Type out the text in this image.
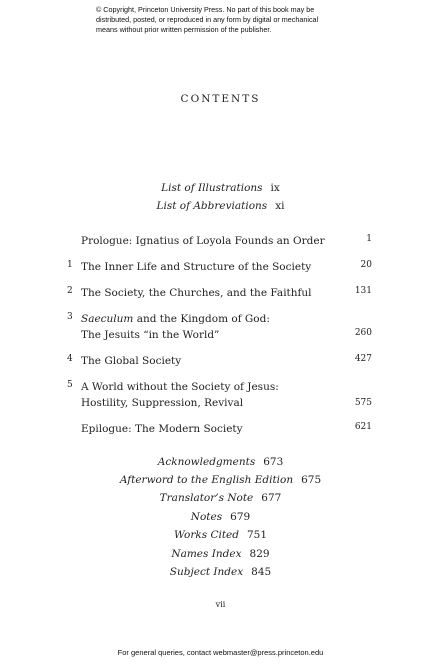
© Copyright, Princeton University Press. No part of this book may be
distributed, posted, or reproduced in any form by digital or mechanical
means without prior written permission of the publisher.
CONTENTS
List of Illustrations ix
List of Abbreviations xi
Prologue: Ignatius of Loyola Founds an Order	1
1 The Inner Life and Structure of the Society	20
2 The Society, the Churches, and the Faithful	131
3 Saeculum and the Kingdom of God:
The Jesuits “in the World”	260
4 The Global Society	427
5 A World without the Society of Jesus:
Hostility, Suppression, Revival	575
Epilogue: The Modern Society	621
Acknowledgments 673
Afterword to the English Edition 675
Translator’s Note 677
Notes 679
Works Cited 751
Names Index 829
Subject Index 845
vii
For general queries, contact webmaster@press.princeton.edu
